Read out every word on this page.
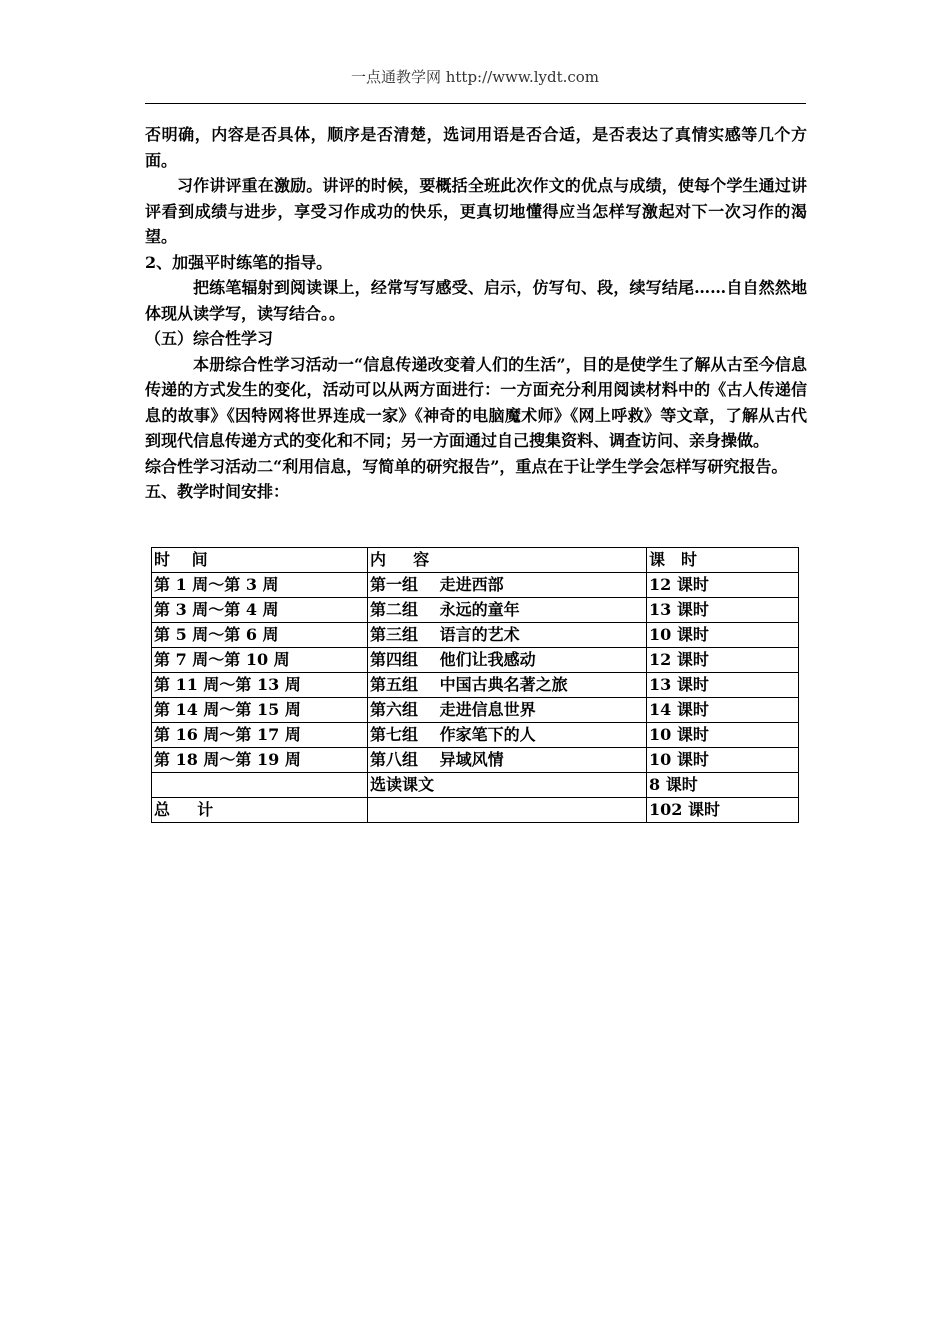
一点通教学网 http://www.lydt.com

否明确，内容是否具体，顺序是否清楚，选词用语是否合适，是否表达了真情实感等几个方面。

习作讲评重在激励。讲评的时候，要概括全班此次作文的优点与成绩，使每个学生通过讲评看到成绩与进步，享受习作成功的快乐，更真切地懂得应当怎样写激起对下一次习作的渴望。

2、加强平时练笔的指导。

把练笔辐射到阅读课上，经常写写感受、启示，仿写句、段，续写结尾……自自然然地体现从读学写，读写结合。。

（五）综合性学习

本册综合性学习活动一“信息传递改变着人们的生活”，目的是使学生了解从古至今信息传递的方式发生的变化，活动可以从两方面进行：一方面充分利用阅读材料中的《古人传递信息的故事》《因特网将世界连成一家》《神奇的电脑魔术师》《网上呼救》等文章，了解从古代到现代信息传递方式的变化和不同；另一方面通过自己搜集资料、调查访问、亲身操做。

综合性学习活动二“利用信息，写简单的研究报告”，重点在于让学生学会怎样写研究报告。

五、教学时间安排：

时　 间	内　  容	课　时
第 1 周～第 3 周	第一组　 走进西部	12 课时
第 3 周～第 4 周	第二组　 永远的童年	13 课时
第 5 周～第 6 周	第三组　 语言的艺术	10 课时
第 7 周～第 10 周	第四组　 他们让我感动	12 课时
第 11 周～第 13 周	第五组　 中国古典名著之旅	13 课时
第 14 周～第 15 周	第六组　 走进信息世界	14 课时
第 16 周～第 17 周	第七组　 作家笔下的人	10 课时
第 18 周～第 19 周	第八组　 异域风情	10 课时
	选读课文	8 课时
总　  计		102 课时
